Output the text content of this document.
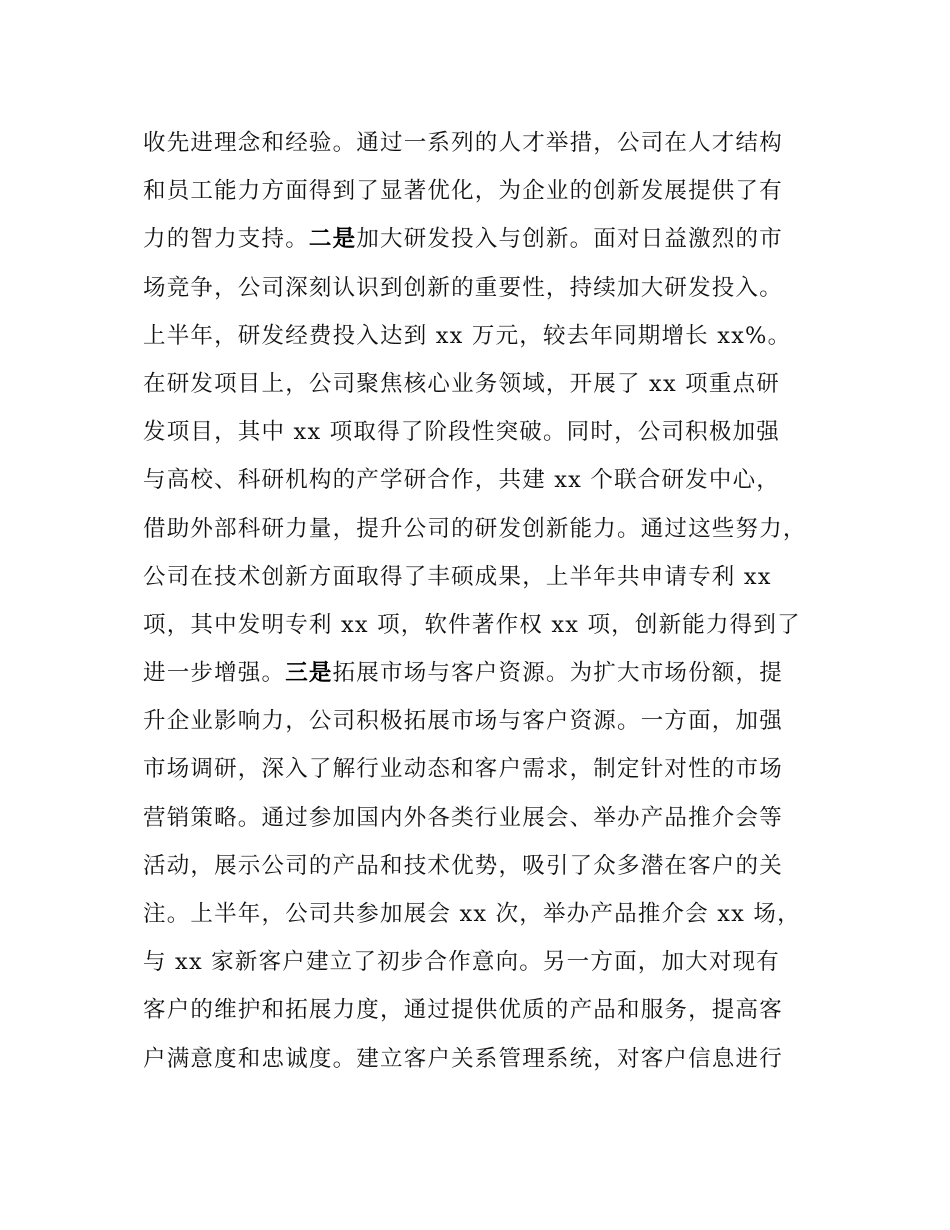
收先进理念和经验。通过一系列的人才举措，公司在人才结构
和员工能力方面得到了显著优化，为企业的创新发展提供了有
力的智力支持。二是加大研发投入与创新。面对日益激烈的市
场竞争，公司深刻认识到创新的重要性，持续加大研发投入。
上半年，研发经费投入达到 xx 万元，较去年同期增长 xx%。
在研发项目上，公司聚焦核心业务领域，开展了 xx 项重点研
发项目，其中 xx 项取得了阶段性突破。同时，公司积极加强
与高校、科研机构的产学研合作，共建 xx 个联合研发中心，
借助外部科研力量，提升公司的研发创新能力。通过这些努力，
公司在技术创新方面取得了丰硕成果，上半年共申请专利 xx
项，其中发明专利 xx 项，软件著作权 xx 项，创新能力得到了
进一步增强。三是拓展市场与客户资源。为扩大市场份额，提
升企业影响力，公司积极拓展市场与客户资源。一方面，加强
市场调研，深入了解行业动态和客户需求，制定针对性的市场
营销策略。通过参加国内外各类行业展会、举办产品推介会等
活动，展示公司的产品和技术优势，吸引了众多潜在客户的关
注。上半年，公司共参加展会 xx 次，举办产品推介会 xx 场，
与 xx 家新客户建立了初步合作意向。另一方面，加大对现有
客户的维护和拓展力度，通过提供优质的产品和服务，提高客
户满意度和忠诚度。建立客户关系管理系统，对客户信息进行
